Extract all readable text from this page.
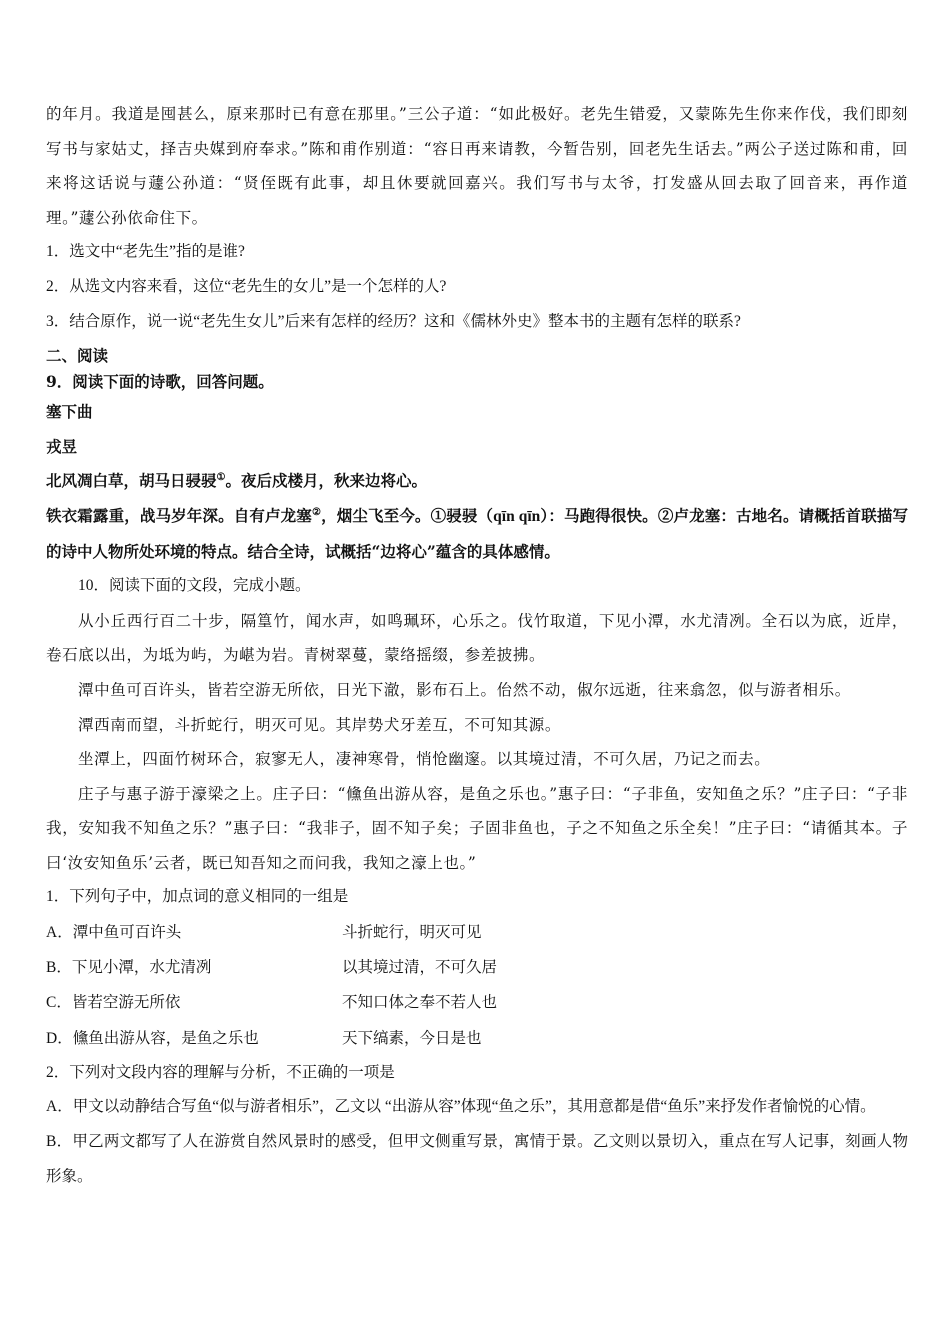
的年月。我道是囤甚么，原来那时已有意在那里。”三公子道：“如此极好。老先生错爱，又蒙陈先生你来作伐，我们即刻写书与家姑丈，择吉央媒到府奉求。”陈和甫作别道：“容日再来请教，今暂告别，回老先生话去。”两公子送过陈和甫，回来将这话说与蘧公孙道：“贤侄既有此事，却且休要就回嘉兴。我们写书与太爷，打发盛从回去取了回音来，再作道理。”蘧公孙依命住下。

1．选文中“老先生”指的是谁?

2．从选文内容来看，这位“老先生的女儿”是一个怎样的人?

3．结合原作，说一说“老先生女儿”后来有怎样的经历？这和《儒林外史》整本书的主题有怎样的联系?

二、阅读

9．阅读下面的诗歌，回答问题。

塞下曲

戎昱

北风凋白草，胡马日骎骎①。夜后戍楼月，秋来边将心。

铁衣霜露重，战马岁年深。自有卢龙塞②，烟尘飞至今。①骎骎（qīn qīn）：马跑得很快。②卢龙塞：古地名。请概括首联描写的诗中人物所处环境的特点。结合全诗，试概括“边将心”蕴含的具体感情。

10．阅读下面的文段，完成小题。

从小丘西行百二十步，隔篁竹，闻水声，如鸣珮环，心乐之。伐竹取道，下见小潭，水尤清冽。全石以为底，近岸，卷石底以出，为坻为屿，为嵁为岩。青树翠蔓，蒙络摇缀，参差披拂。

潭中鱼可百许头，皆若空游无所依，日光下澈，影布石上。佁然不动，俶尔远逝，往来翕忽，似与游者相乐。

潭西南而望，斗折蛇行，明灭可见。其岸势犬牙差互，不可知其源。

坐潭上，四面竹树环合，寂寥无人，凄神寒骨，悄怆幽邃。以其境过清，不可久居，乃记之而去。

庄子与惠子游于濠梁之上。庄子曰：“儵鱼出游从容，是鱼之乐也。”惠子曰：“子非鱼，安知鱼之乐？”庄子曰：“子非我，安知我不知鱼之乐？”惠子曰：“我非子，固不知子矣；子固非鱼也，子之不知鱼之乐全矣！”庄子曰：“请循其本。子曰‘汝安知鱼乐’云者，既已知吾知之而问我，我知之濠上也。”

1．下列句子中，加点词的意义相同的一组是

A．潭中鱼可百许头	斗折蛇行，明灭可见
B．下见小潭，水尤清冽	以其境过清，不可久居
C．皆若空游无所依	不知口体之奉不若人也
D．儵鱼出游从容，是鱼之乐也	天下缟素，今日是也

2．下列对文段内容的理解与分析，不正确的一项是

A．甲文以动静结合写鱼“似与游者相乐”，乙文以 “出游从容”体现“鱼之乐”，其用意都是借“鱼乐”来抒发作者愉悦的心情。

B．甲乙两文都写了人在游赏自然风景时的感受，但甲文侧重写景，寓情于景。乙文则以景切入，重点在写人记事，刻画人物形象。
